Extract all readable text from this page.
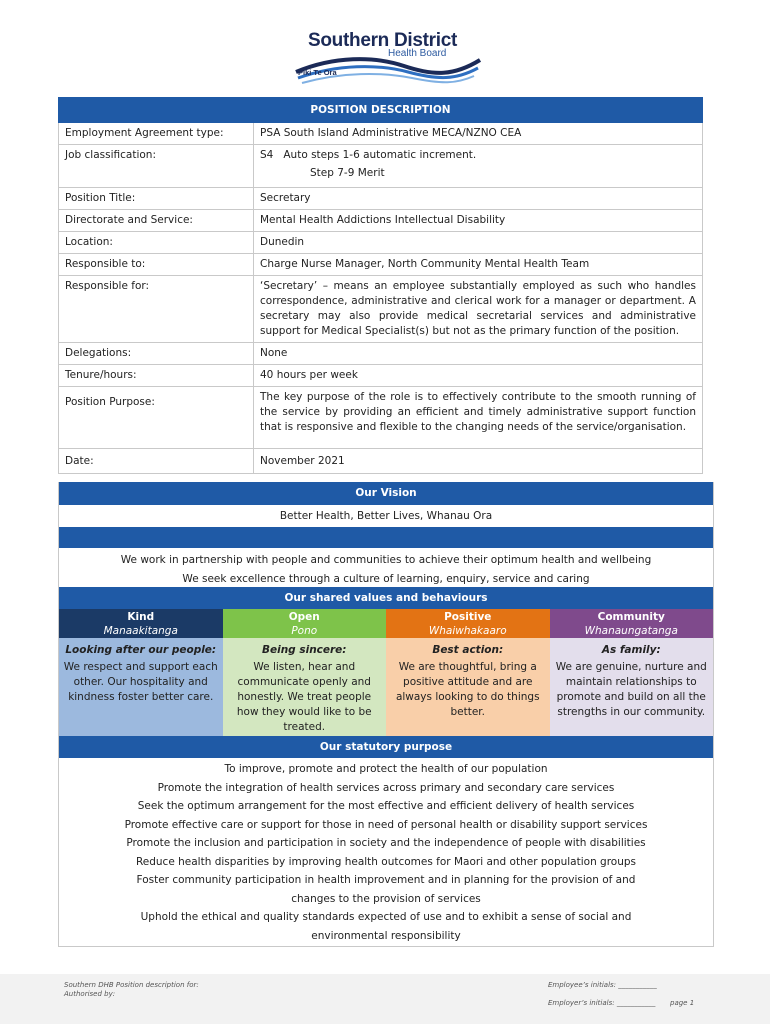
Southern District
Health Board
Piki Te Ora
POSITION DESCRIPTION	
Employment Agreement type:	PSA South Island Administrative MECA/NZNO CEA
Job classification:	S4   Auto steps 1-6 automatic increment.
Step 7-9 Merit

Position Title:	Secretary
Directorate and Service:	Mental Health Addictions Intellectual Disability
Location:	Dunedin
Responsible to:	Charge Nurse Manager, North Community Mental Health Team
Responsible for:	‘Secretary’ – means an employee substantially employed as such who handles correspondence, administrative and clerical work for a manager or department. A secretary may also provide medical secretarial services and administrative support for Medical Specialist(s) but not as the primary function of the position.
Delegations:	None
Tenure/hours:	40 hours per week
Position Purpose:	The key purpose of the role is to effectively contribute to the smooth running of the service by providing an efficient and timely administrative support function that is responsive and flexible to the changing needs of the service/organisation.
Date:	November 2021
Our Vision
Better Health, Better Lives, Whanau Ora
We work in partnership with people and communities to achieve their optimum health and wellbeing
We seek excellence through a culture of learning, enquiry, service and caring
Our shared values and behaviours
Kind
Manaakitanga
Looking after our people:
We respect and support each other. Our hospitality and kindness foster better care.
Open
Pono
Being sincere:
We listen, hear and communicate openly and honestly. We treat people how they would like to be treated.
Positive
Whaiwhakaaro
Best action:
We are thoughtful, bring a positive attitude and are always looking to do things better.
Community
Whanaungatanga
As family:
We are genuine, nurture and maintain relationships to promote and build on all the strengths in our community.
Our statutory purpose
To improve, promote and protect the health of our population
Promote the integration of health services across primary and secondary care services
Seek the optimum arrangement for the most effective and efficient delivery of health services
Promote effective care or support for those in need of personal health or disability support services
Promote the inclusion and participation in society and the independence of people with disabilities
Reduce health disparities by improving health outcomes for Maori and other population groups
Foster community participation in health improvement and in planning for the provision of and
changes to the provision of services
Uphold the ethical and quality standards expected of use and to exhibit a sense of social and
environmental responsibility
Southern DHB Position description for:
Authorised by:
Employee’s initials: ___________
Employer’s initials: ___________ page 1
